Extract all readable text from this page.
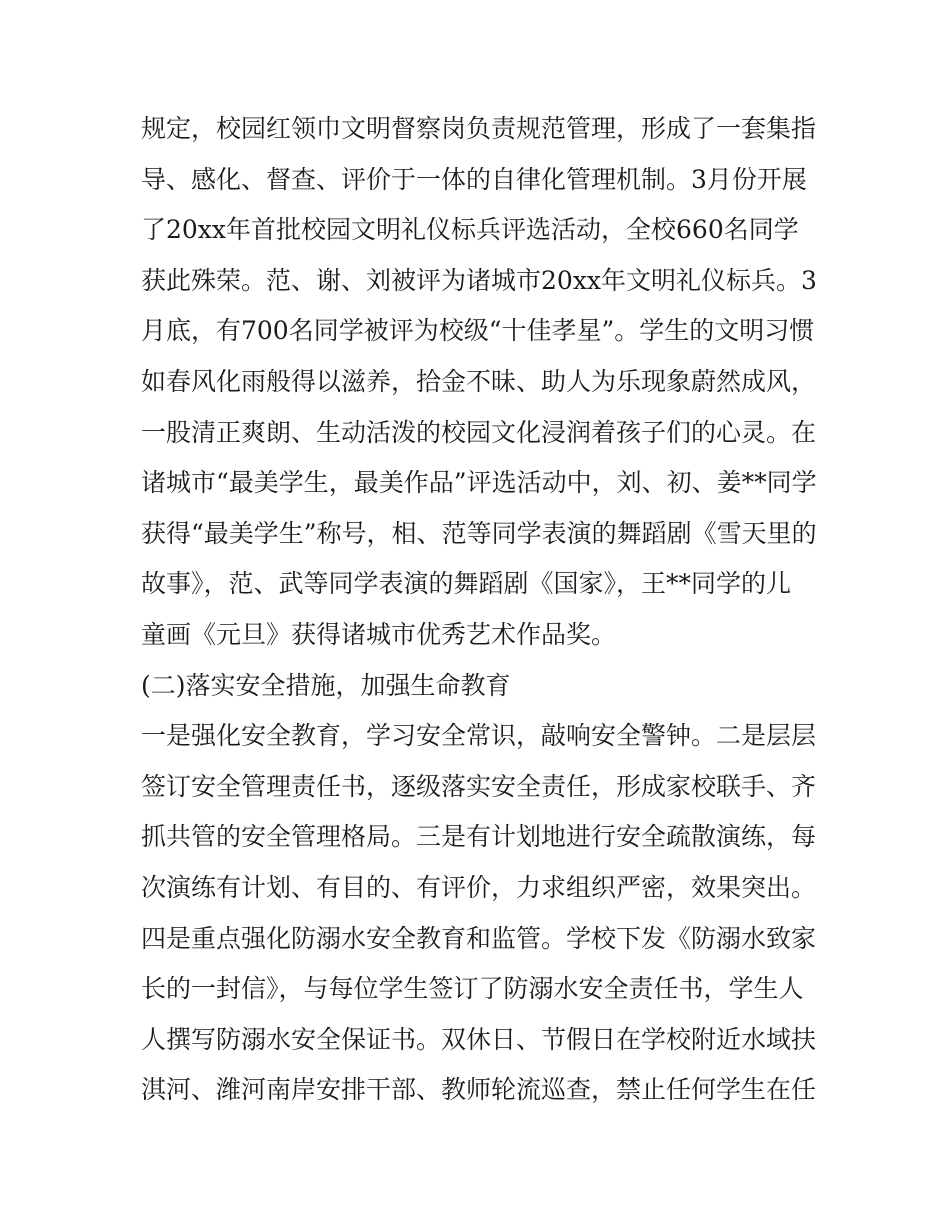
规定，校园红领巾文明督察岗负责规范管理，形成了一套集指
导、感化、督查、评价于一体的自律化管理机制。3月份开展
了20xx年首批校园文明礼仪标兵评选活动，全校660名同学
获此殊荣。范、谢、刘被评为诸城市20xx年文明礼仪标兵。3
月底，有700名同学被评为校级“十佳孝星”。学生的文明习惯
如春风化雨般得以滋养，拾金不昧、助人为乐现象蔚然成风，
一股清正爽朗、生动活泼的校园文化浸润着孩子们的心灵。在
诸城市“最美学生，最美作品”评选活动中，刘、初、姜**同学
获得“最美学生”称号，相、范等同学表演的舞蹈剧《雪天里的
故事》，范、武等同学表演的舞蹈剧《国家》，王**同学的儿
童画《元旦》获得诸城市优秀艺术作品奖。
(二)落实安全措施，加强生命教育
一是强化安全教育，学习安全常识，敲响安全警钟。二是层层
签订安全管理责任书，逐级落实安全责任，形成家校联手、齐
抓共管的安全管理格局。三是有计划地进行安全疏散演练，每
次演练有计划、有目的、有评价，力求组织严密，效果突出。
四是重点强化防溺水安全教育和监管。学校下发《防溺水致家
长的一封信》，与每位学生签订了防溺水安全责任书，学生人
人撰写防溺水安全保证书。双休日、节假日在学校附近水域扶
淇河、潍河南岸安排干部、教师轮流巡查，禁止任何学生在任
